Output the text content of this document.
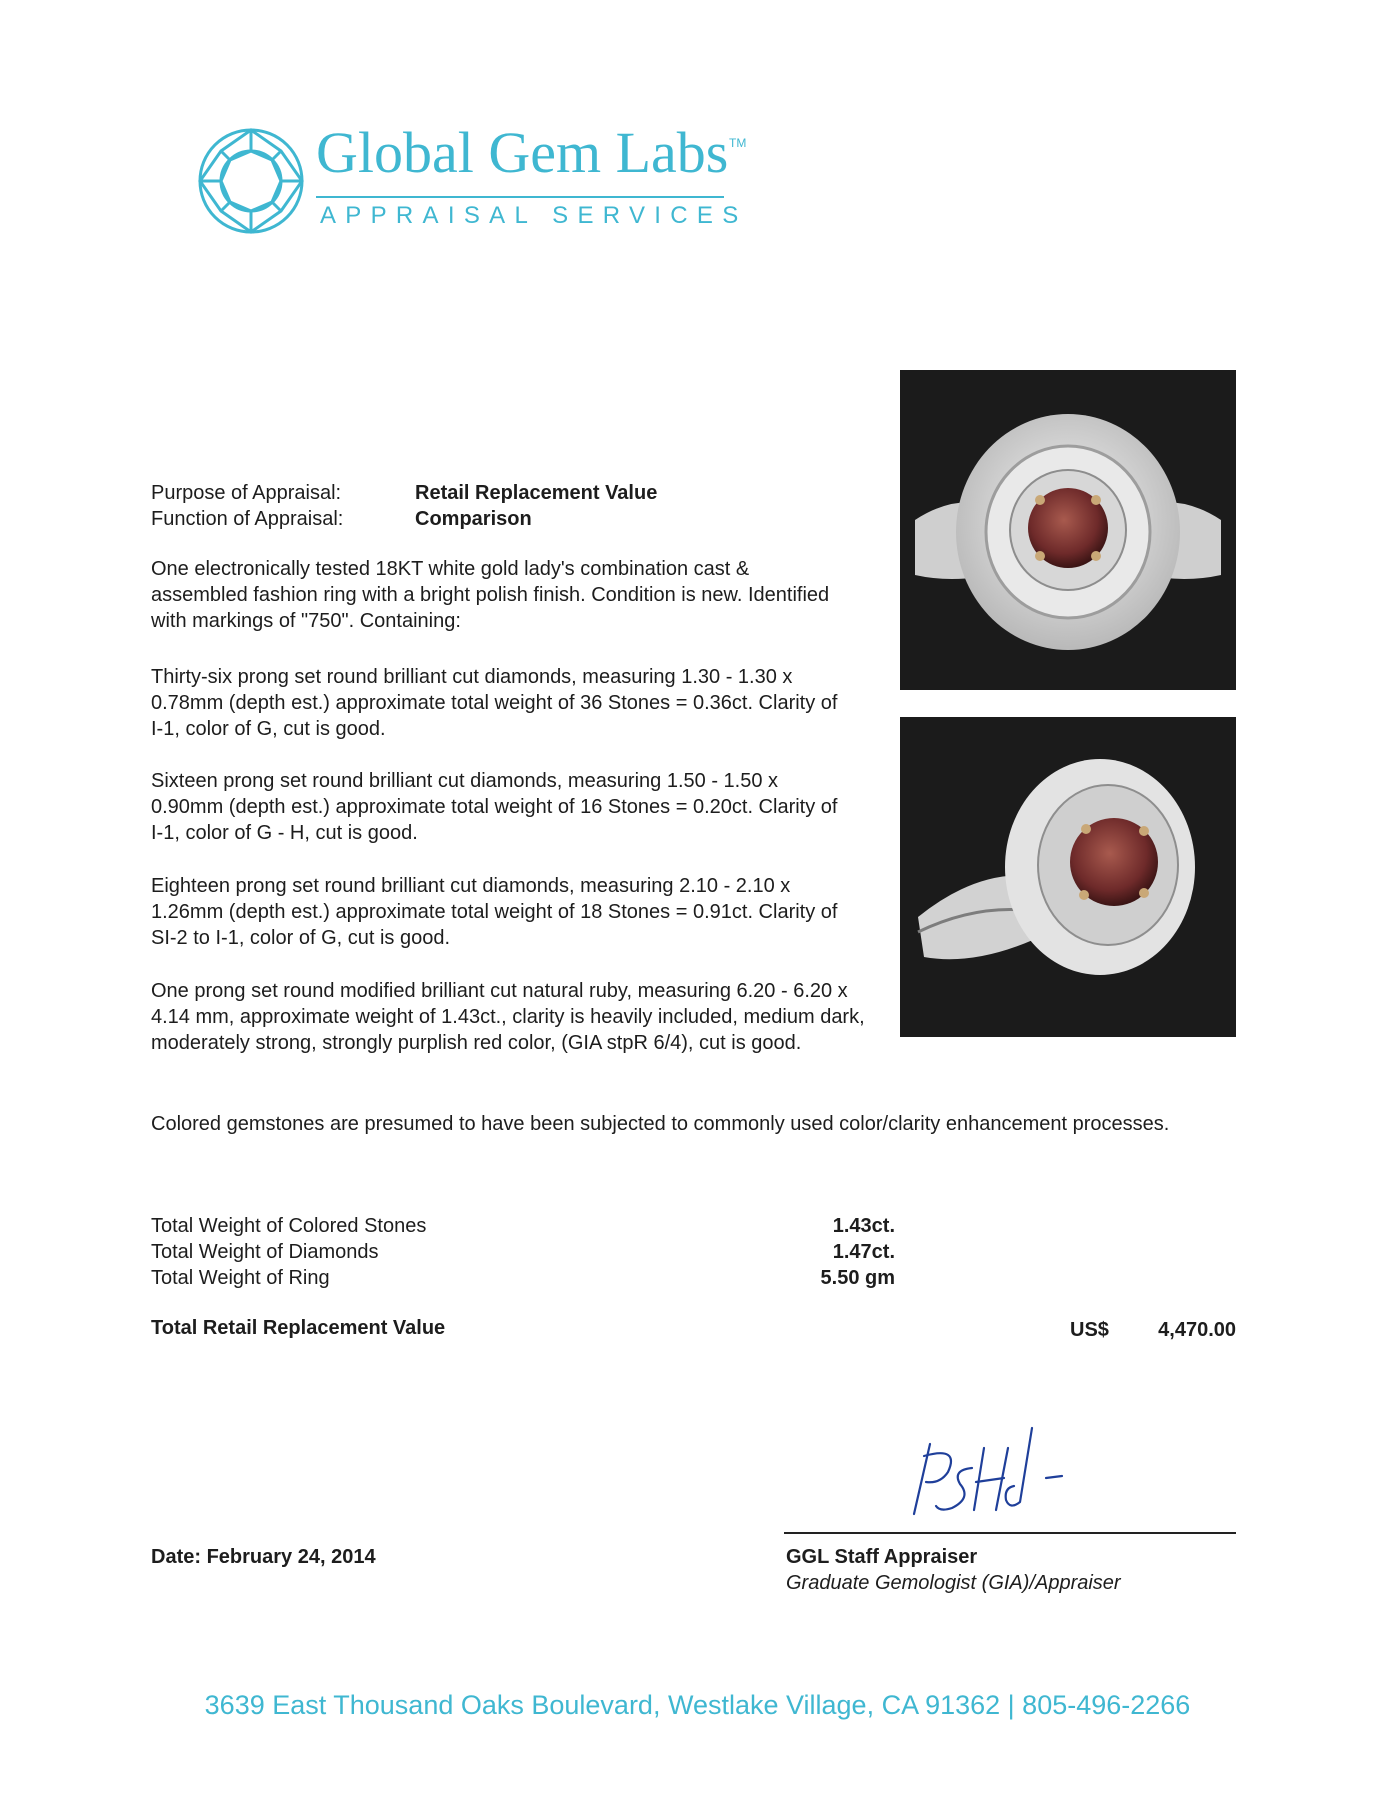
Global Gem Labs TM
APPRAISAL SERVICES
Purpose of Appraisal:	Retail Replacement Value
Function of Appraisal:	Comparison

One electronically tested 18KT white gold lady's combination cast & assembled fashion ring with a bright polish finish. Condition is new. Identified with markings of "750". Containing:

Thirty-six prong set round brilliant cut diamonds, measuring 1.30 - 1.30 x 0.78mm (depth est.) approximate total weight of 36 Stones = 0.36ct. Clarity of I-1, color of G, cut is good.

Sixteen prong set round brilliant cut diamonds, measuring 1.50 - 1.50 x 0.90mm (depth est.) approximate total weight of 16 Stones = 0.20ct. Clarity of I-1, color of G - H, cut is good.

Eighteen prong set round brilliant cut diamonds, measuring 2.10 - 2.10 x 1.26mm (depth est.) approximate total weight of 18 Stones = 0.91ct. Clarity of SI-2 to I-1, color of G, cut is good.

One prong set round modified brilliant cut natural ruby, measuring 6.20 - 6.20 x 4.14 mm, approximate weight of 1.43ct., clarity is heavily included, medium dark, moderately strong, strongly purplish red color, (GIA stpR 6/4), cut is good.

Colored gemstones are presumed to have been subjected to commonly used color/clarity enhancement processes.

Total Weight of Colored Stones	1.43ct.
Total Weight of Diamonds	1.47ct.
Total Weight of Ring	5.50 gm
Total Retail Replacement Value	US$	4,470.00
Date: February 24, 2014	GGL Staff Appraiser
Graduate Gemologist (GIA)/Appraiser
3639 East Thousand Oaks Boulevard, Westlake Village, CA 91362 | 805-496-2266
